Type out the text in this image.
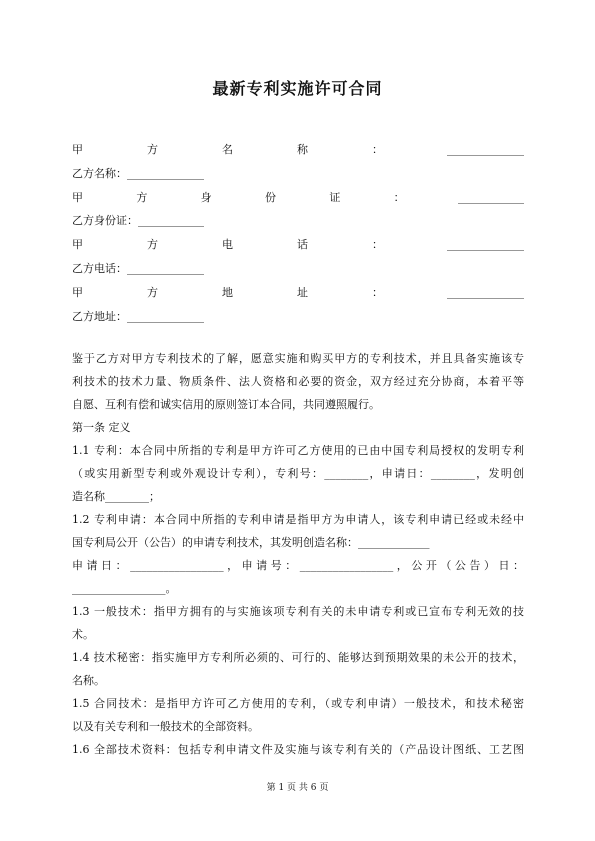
最新专利实施许可合同
甲	方	名	称	：	______________
乙方名称：______________
甲	方	身	份	证	：	____________
乙方身份证：____________
甲	方	电	话	：	______________
乙方电话：______________
甲	方	地	址	：	______________
乙方地址：______________
鉴于乙方对甲方专利技术的了解，愿意实施和购买甲方的专利技术，并且具备实施该专
利技术的技术力量、物质条件、法人资格和必要的资金，双方经过充分协商，本着平等
自愿、互利有偿和诚实信用的原则签订本合同，共同遵照履行。
第一条 定义
1.1 专利：本合同中所指的专利是甲方许可乙方使用的已由中国专利局授权的发明专利
（或实用新型专利或外观设计专利），专利号：________，申请日：________，发明创
造名称________；
1.2 专利申请：本合同中所指的专利申请是指甲方为申请人，该专利申请已经或未经中
国专利局公开（公告）的申请专利技术，其发明创造名称：_____________
申请日：_________________，申请号：_________________，公开（公告）日：
_________________。
1.3 一般技术：指甲方拥有的与实施该项专利有关的未申请专利或已宣布专利无效的技
术。
1.4 技术秘密：指实施甲方专利所必须的、可行的、能够达到预期效果的未公开的技术，
名称。
1.5 合同技术：是指甲方许可乙方使用的专利，（或专利申请）一般技术，和技术秘密
以及有关专利和一般技术的全部资料。
1.6 全部技术资料：包括专利申请文件及实施与该专利有关的（产品设计图纸、工艺图
第 1 页 共 6 页
